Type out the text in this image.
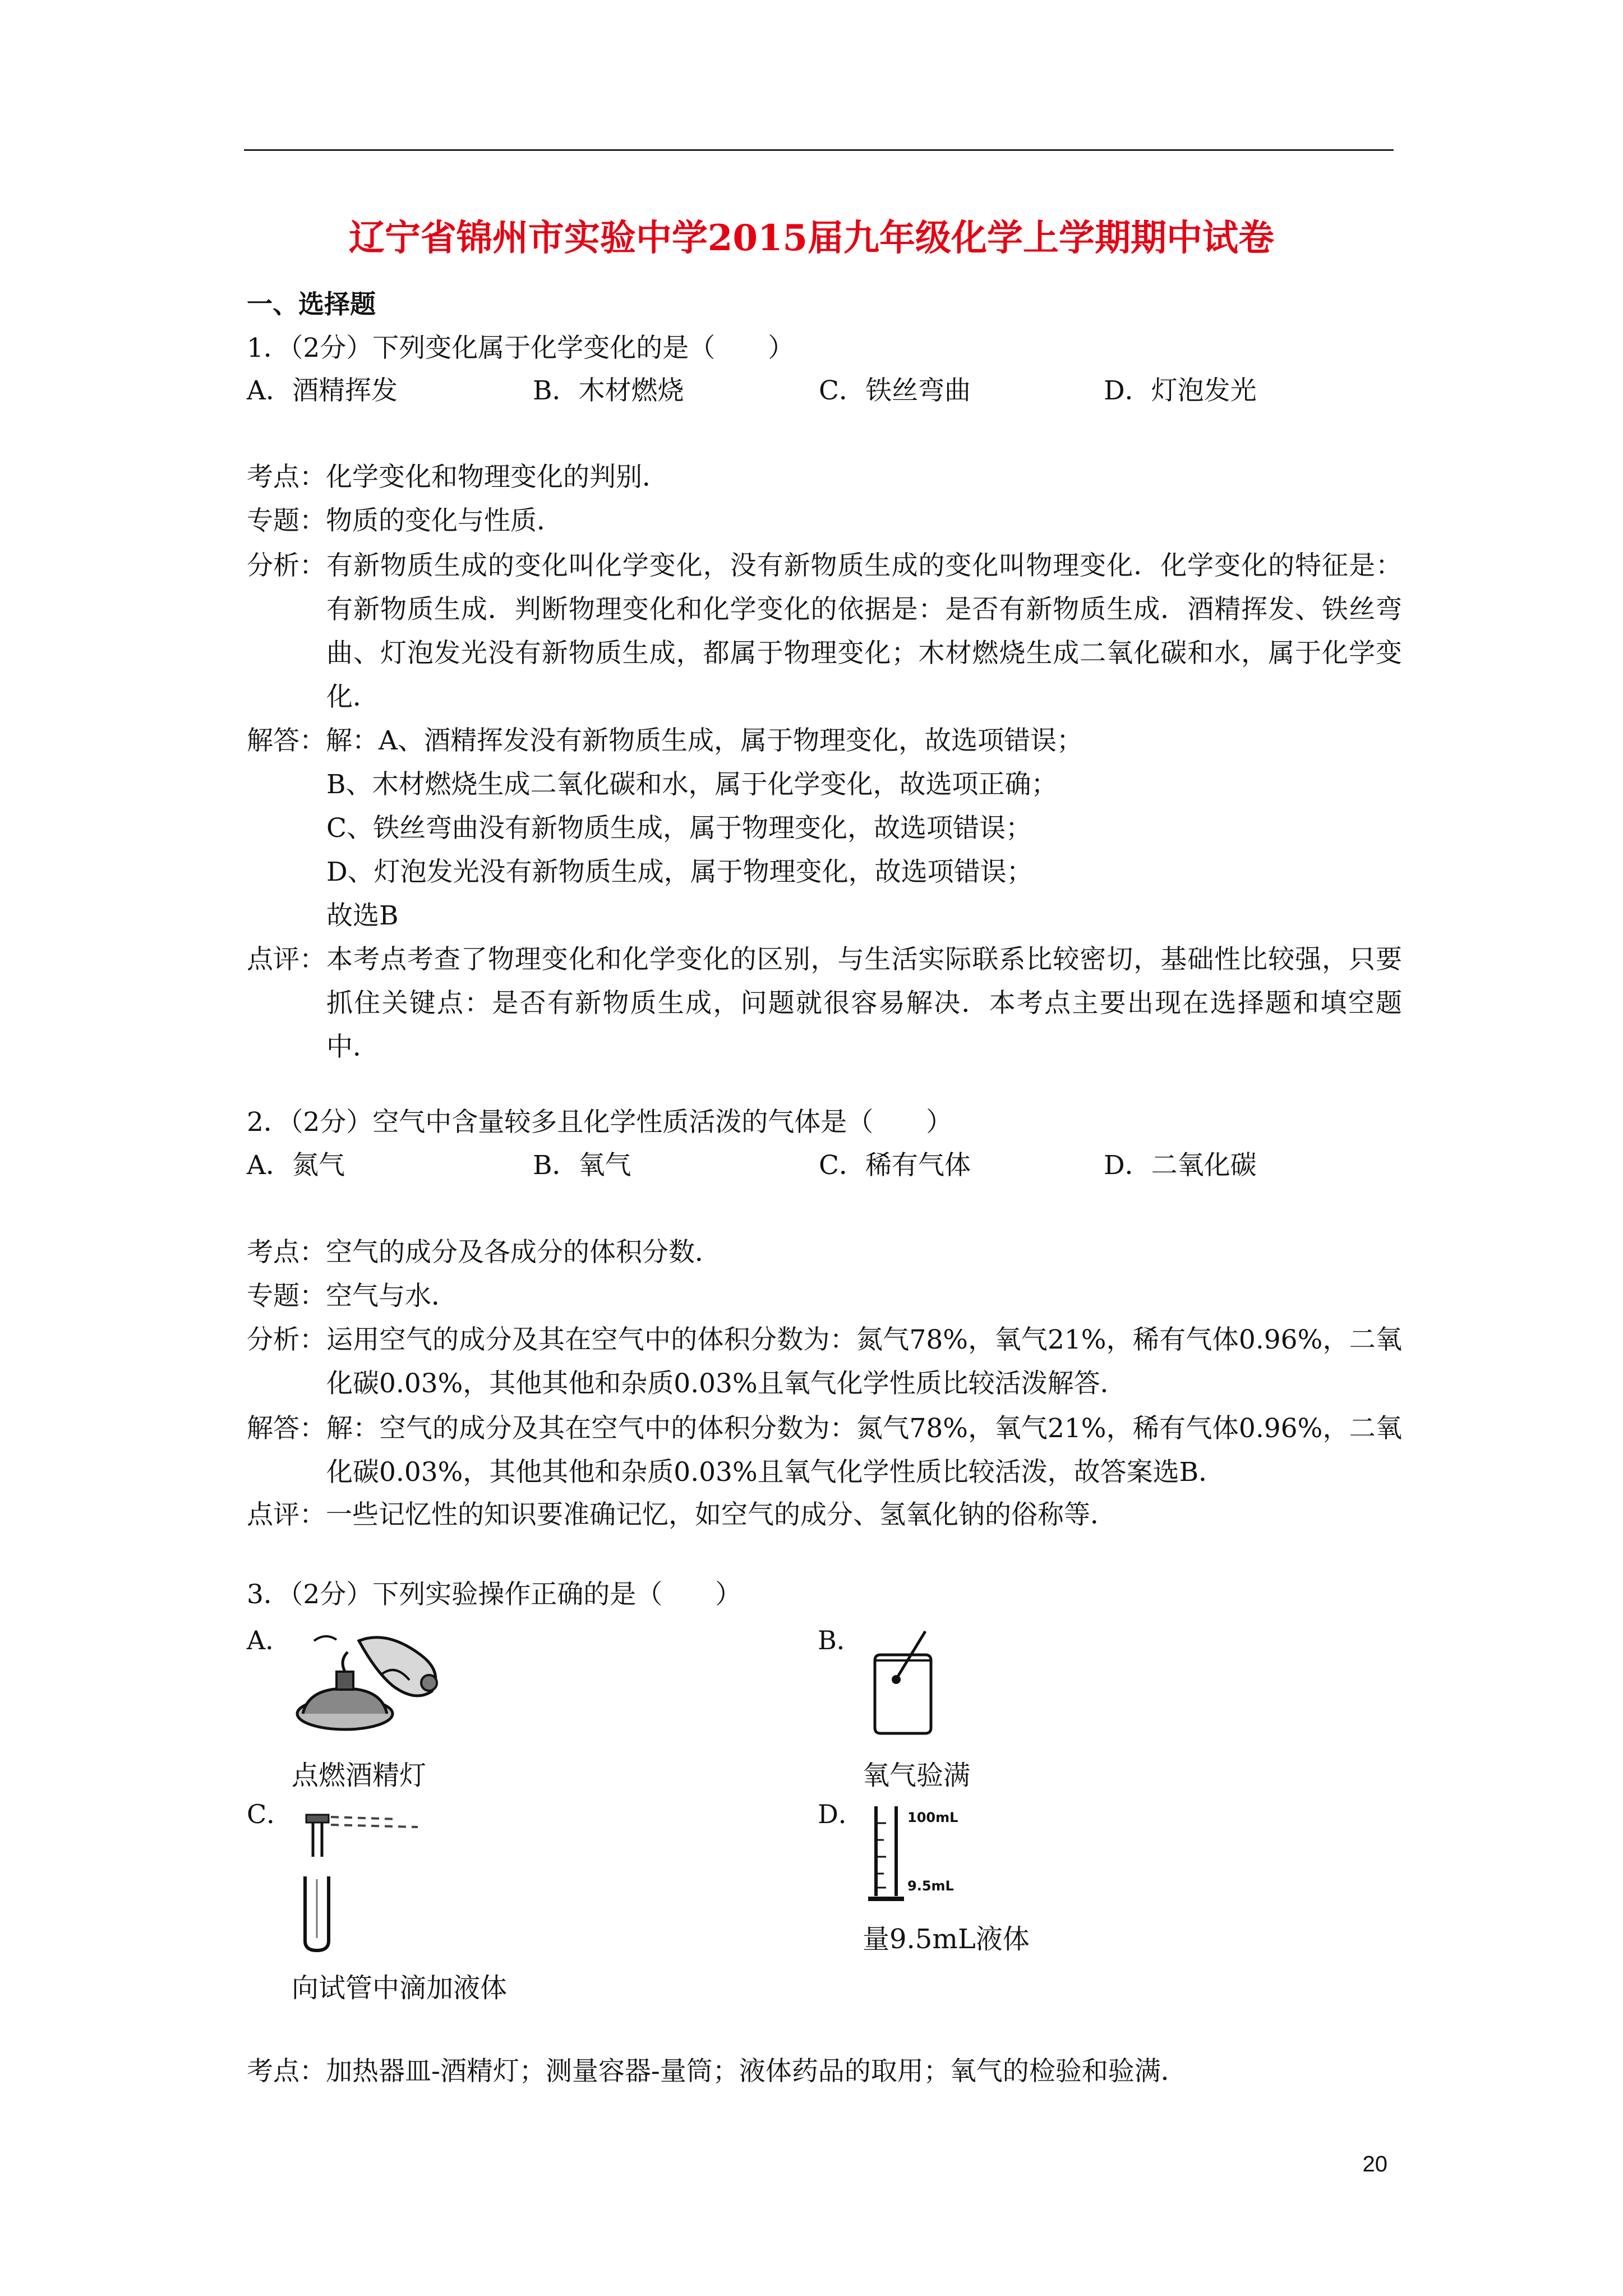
辽宁省锦州市实验中学2015届九年级化学上学期期中试卷
一、选择题
1．（2分）下列变化属于化学变化的是（　　）
A．酒精挥发	B．木材燃烧	C．铁丝弯曲	D．灯泡发光
考点：化学变化和物理变化的判别．
专题：物质的变化与性质．
分析： 有新物质生成的变化叫化学变化，没有新物质生成的变化叫物理变化．化学变化的特征是：有新物质生成．判断物理变化和化学变化的依据是：是否有新物质生成．酒精挥发、铁丝弯曲、灯泡发光没有新物质生成，都属于物理变化；木材燃烧生成二氧化碳和水，属于化学变化．
解答：解：A、酒精挥发没有新物质生成，属于物理变化，故选项错误；
B、木材燃烧生成二氧化碳和水，属于化学变化，故选项正确；
C、铁丝弯曲没有新物质生成，属于物理变化，故选项错误；
D、灯泡发光没有新物质生成，属于物理变化，故选项错误；
故选B
点评： 本考点考查了物理变化和化学变化的区别，与生活实际联系比较密切，基础性比较强，只要抓住关键点：是否有新物质生成，问题就很容易解决．本考点主要出现在选择题和填空题中．
2．（2分）空气中含量较多且化学性质活泼的气体是（　　）
A．氮气	B．氧气	C．稀有气体	D．二氧化碳
考点：空气的成分及各成分的体积分数．
专题：空气与水．
分析： 运用空气的成分及其在空气中的体积分数为：氮气78%，氧气21%，稀有气体0.96%，二氧化碳0.03%，其他其他和杂质0.03%且氧气化学性质比较活泼解答．
解答： 解：空气的成分及其在空气中的体积分数为：氮气78%，氧气21%，稀有气体0.96%，二氧化碳0.03%，其他其他和杂质0.03%且氧气化学性质比较活泼，故答案选B．
点评：一些记忆性的知识要准确记忆，如空气的成分、氢氧化钠的俗称等．
3．（2分）下列实验操作正确的是（　　）
A．	B．
点燃酒精灯	氧气验满
C．	D．	100mL
9.5mL
量9.5mL液体
向试管中滴加液体
考点：加热器皿-酒精灯；测量容器-量筒；液体药品的取用；氧气的检验和验满．
20
